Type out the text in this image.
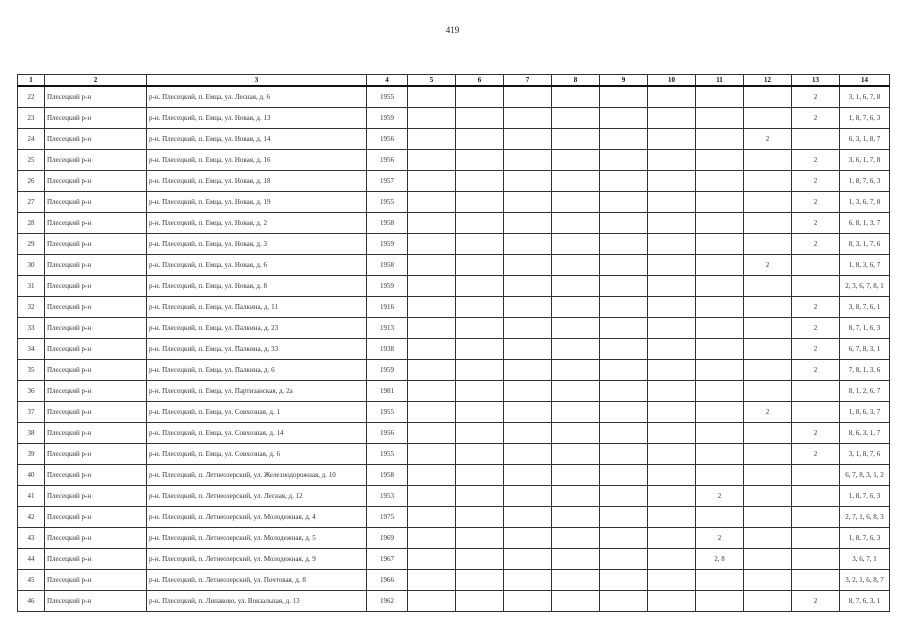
419
1	2	3	4	5	6	7	8	9	10	11	12	13	14
22	Плесецкий р-н	р-н. Плесецкий, п. Емца, ул. Лесная, д. 6	1955									2	3, 1, 6, 7, 8
23	Плесецкий р-н	р-н. Плесецкий, п. Емца, ул. Новая, д. 13	1959									2	1, 8, 7, 6, 3
24	Плесецкий р-н	р-н. Плесецкий, п. Емца, ул. Новая, д. 14	1956								2		6, 3, 1, 8, 7
25	Плесецкий р-н	р-н. Плесецкий, п. Емца, ул. Новая, д. 16	1956									2	3, 6, 1, 7, 8
26	Плесецкий р-н	р-н. Плесецкий, п. Емца, ул. Новая, д. 18	1957									2	1, 8, 7, 6, 3
27	Плесецкий р-н	р-н. Плесецкий, п. Емца, ул. Новая, д. 19	1955									2	1, 3, 6, 7, 8
28	Плесецкий р-н	р-н. Плесецкий, п. Емца, ул. Новая, д. 2	1958									2	6, 8, 1, 3, 7
29	Плесецкий р-н	р-н. Плесецкий, п. Емца, ул. Новая, д. 3	1959									2	8, 3, 1, 7, 6
30	Плесецкий р-н	р-н. Плесецкий, п. Емца, ул. Новая, д. 6	1958								2		1, 8, 3, 6, 7
31	Плесецкий р-н	р-н. Плесецкий, п. Емца, ул. Новая, д. 8	1959										2, 3, 6, 7, 8, 1
32	Плесецкий р-н	р-н. Плесецкий, п. Емца, ул. Палкина, д. 11	1916									2	3, 8, 7, 6, 1
33	Плесецкий р-н	р-н. Плесецкий, п. Емца, ул. Палкина, д. 23	1913									2	8, 7, 1, 6, 3
34	Плесецкий р-н	р-н. Плесецкий, п. Емца, ул. Палкина, д. 33	1938									2	6, 7, 8, 3, 1
35	Плесецкий р-н	р-н. Плесецкий, п. Емца, ул. Палкина, д. 6	1959									2	7, 8, 1, 3, 6
36	Плесецкий р-н	р-н. Плесецкий, п. Емца, ул. Партизанская, д. 2а	1981										8, 1, 2, 6, 7
37	Плесецкий р-н	р-н. Плесецкий, п. Емца, ул. Совхозная, д. 1	1955								2		1, 8, 6, 3, 7
38	Плесецкий р-н	р-н. Плесецкий, п. Емца, ул. Совхозная, д. 14	1956									2	8, 6, 3, 1, 7
39	Плесецкий р-н	р-н. Плесецкий, п. Емца, ул. Совхозная, д. 6	1955									2	3, 1, 8, 7, 6
40	Плесецкий р-н	р-н. Плесецкий, п. Летнеозерский, ул. Железнодорожная, д. 10	1958										6, 7, 8, 3, 1, 2
41	Плесецкий р-н	р-н. Плесецкий, п. Летнеозерский, ул. Лесная, д. 12	1953							2			1, 8, 7, 6, 3
42	Плесецкий р-н	р-н. Плесецкий, п. Летнеозерский, ул. Молодежная, д. 4	1975										2, 7, 1, 6, 8, 3
43	Плесецкий р-н	р-н. Плесецкий, п. Летнеозерский, ул. Молодежная, д. 5	1969							2			1, 8, 7, 6, 3
44	Плесецкий р-н	р-н. Плесецкий, п. Летнеозерский, ул. Молодежная, д. 9	1967							2, 8			3, 6, 7, 1
45	Плесецкий р-н	р-н. Плесецкий, п. Летнеозерский, ул. Почтовая, д. 8	1966										3, 2, 1, 6, 8, 7
46	Плесецкий р-н	р-н. Плесецкий, п. Липаково, ул. Вокзальная, д. 13	1962									2	8, 7, 6, 3, 1
